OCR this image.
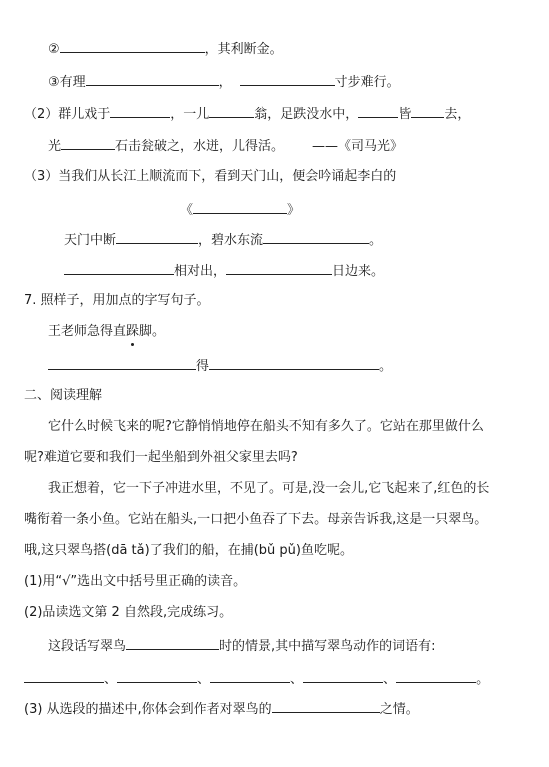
②	，其利断金。
③有理	，	寸步难行。
（2）群儿戏于	，一儿	翁，足跌没水中，	皆	去，
光	石击瓮破之，水迸，儿得活。 ——《司马光》
（3）当我们从长江上顺流而下，看到天门山，便会吟诵起李白的
《	》
天门中断	，碧水东流	。
相对出，	日边来。
7. 照样子，用加点的字写句子。
王老师急得直跺
脚。
得	。
二、阅读理解
它什么时候飞来的呢?它静悄悄地停在船头不知有多久了。它站在那里做什么
呢?难道它要和我们一起坐船到外祖父家里去吗?
我正想着，它一下子冲进水里，不见了。可是,没一会儿,它飞起来了,红色的长
嘴衔着一条小鱼。它站在船头,一口把小鱼吞了下去。母亲告诉我,这是一只翠鸟。
哦,这只翠鸟搭(dā tǎ)了我们的船，在捕(bǔ pǔ)鱼吃呢。
(1)用“√”选出文中括号里正确的读音。
(2)品读选文第 2 自然段,完成练习。
这段话写翠鸟	时的情景,其中描写翠鸟动作的词语有:
、	、	、	、	。
(3) 从选段的描述中,你体会到作者对翠鸟的	之情。
